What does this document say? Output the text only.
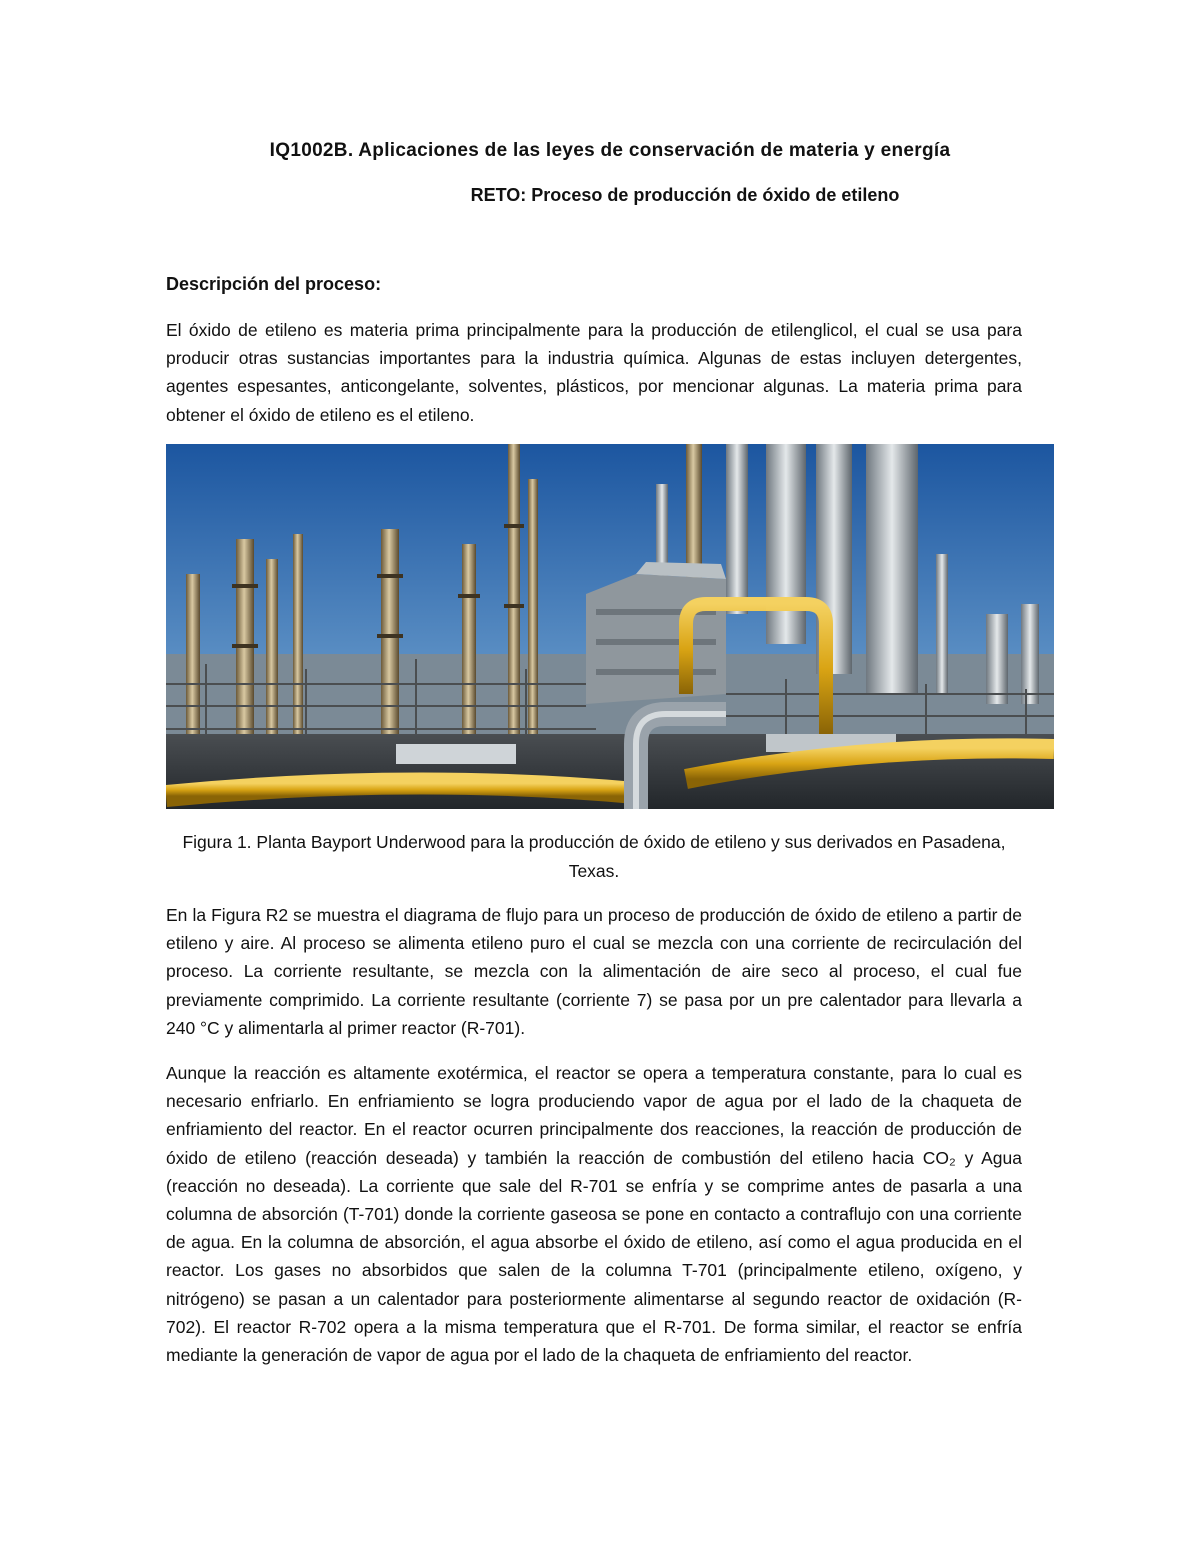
IQ1002B. Aplicaciones de las leyes de conservación de materia y energía
RETO: Proceso de producción de óxido de etileno
Descripción del proceso:

El óxido de etileno es materia prima principalmente para la producción de etilenglicol, el cual se usa para producir otras sustancias importantes para la industria química. Algunas de estas incluyen detergentes, agentes espesantes, anticongelante, solventes, plásticos, por mencionar algunas. La materia prima para obtener el óxido de etileno es el etileno.

Figura 1. Planta Bayport Underwood para la producción de óxido de etileno y sus derivados en Pasadena, Texas.

En la Figura R2 se muestra el diagrama de flujo para un proceso de producción de óxido de etileno a partir de etileno y aire. Al proceso se alimenta etileno puro el cual se mezcla con una corriente de recirculación del proceso. La corriente resultante, se mezcla con la alimentación de aire seco al proceso, el cual fue previamente comprimido. La corriente resultante (corriente 7) se pasa por un pre calentador para llevarla a 240 °C y alimentarla al primer reactor (R-701).

Aunque la reacción es altamente exotérmica, el reactor se opera a temperatura constante, para lo cual es necesario enfriarlo. En enfriamiento se logra produciendo vapor de agua por el lado de la chaqueta de enfriamiento del reactor. En el reactor ocurren principalmente dos reacciones, la reacción de producción de óxido de etileno (reacción deseada) y también la reacción de combustión del etileno hacia CO₂ y Agua (reacción no deseada). La corriente que sale del R-701 se enfría y se comprime antes de pasarla a una columna de absorción (T-701) donde la corriente gaseosa se pone en contacto a contraflujo con una corriente de agua. En la columna de absorción, el agua absorbe el óxido de etileno, así como el agua producida en el reactor. Los gases no absorbidos que salen de la columna T-701 (principalmente etileno, oxígeno, y nitrógeno) se pasan a un calentador para posteriormente alimentarse al segundo reactor de oxidación (R-702). El reactor R-702 opera a la misma temperatura que el R-701. De forma similar, el reactor se enfría mediante la generación de vapor de agua por el lado de la chaqueta de enfriamiento del reactor.
